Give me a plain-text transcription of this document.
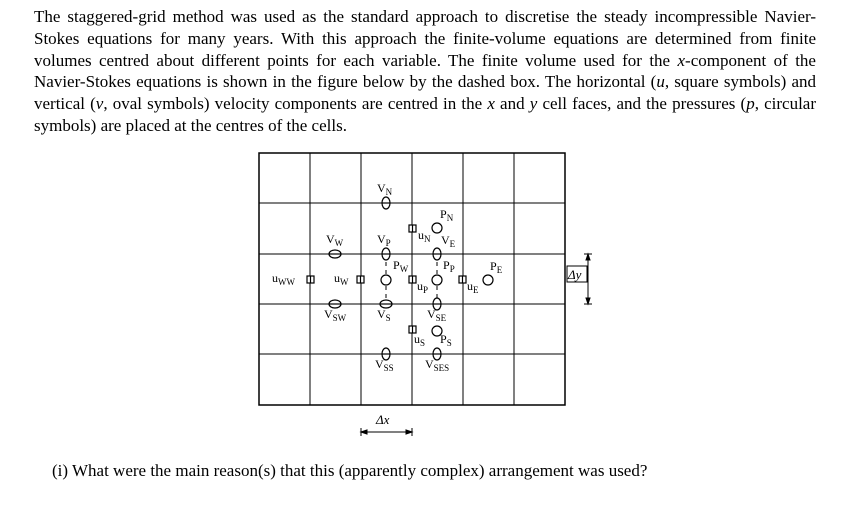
The staggered-grid method was used as the standard approach to discretise the steady incompressible Navier-Stokes equations for many years. With this approach the finite-volume equations are determined from finite volumes centred about different points for each variable. The finite volume used for the x-component of the Navier-Stokes equations is shown in the figure below by the dashed box. The horizontal (u, square symbols) and vertical (v, oval symbols) velocity components are centred in the x and y cell faces, and the pressures (p, circular symbols) are placed at the centres of the cells.

$V_N$
$P_N$
$u_N$ $V_E$
$V_W$	$V_P$
$P_W$	$P_P$	$P_E$
$u_{WW}$	$u_W$	$u_P$	$u_E$
$V_{SW}$	$V_S$	$V_{SE}$
$u_S$ $P_S$
$V_{SS}$	$V_{SES}$
Δx
Δy

(i) What were the main reason(s) that this (apparently complex) arrangement was used?
